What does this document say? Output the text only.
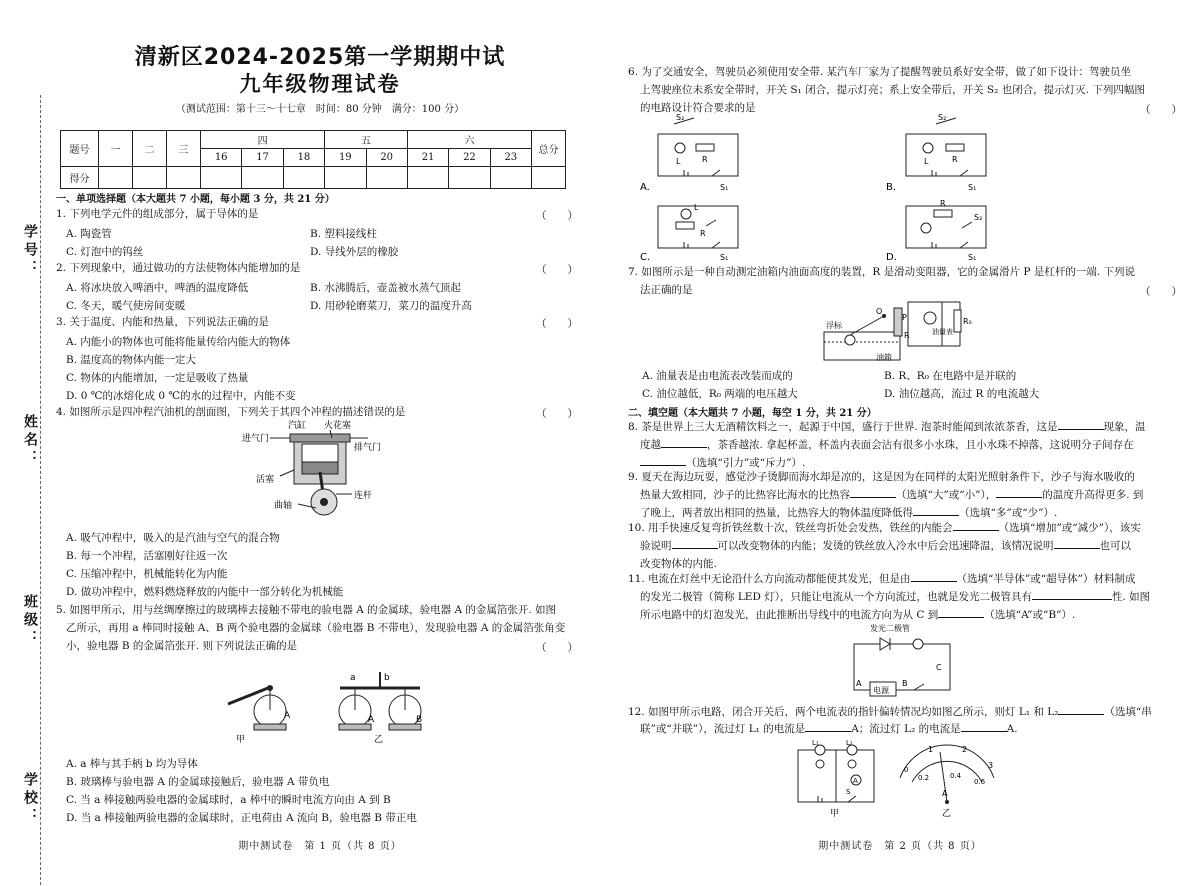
学号：
姓名：
班级：
学校：
清新区2024-2025第一学期期中试
九年级物理试卷
（测试范围：第十三～十七章　时间：80 分钟　满分：100 分）
题号	一	二	三	四			五		六			总分
				16	17	18	19	20	21	22	23	
得分												
一、单项选择题（本大题共 7 小题，每小题 3 分，共 21 分）
1. 下列电学元件的组成部分，属于导体的是	（　　）
A. 陶瓷管	B. 塑料接线柱
C. 灯泡中的钨丝	D. 导线外层的橡胶
2. 下列现象中，通过做功的方法使物体内能增加的是	（　　）
A. 将冰块放入啤酒中，啤酒的温度降低	B. 水沸腾后，壶盖被水蒸气顶起
C. 冬天，暖气使房间变暖	D. 用砂轮磨菜刀，菜刀的温度升高
3. 关于温度、内能和热量，下列说法正确的是	（　　）
A. 内能小的物体也可能将能量传给内能大的物体
B. 温度高的物体内能一定大
C. 物体的内能增加，一定是吸收了热量
D. 0 ℃的冰熔化成 0 ℃的水的过程中，内能不变
4. 如图所示是四冲程汽油机的剖面图，下列关于其四个冲程的描述错误的是	（　　）
进气门
汽缸 火花塞
排气门
活塞
连杆
曲轴
A. 吸气冲程中，吸入的是汽油与空气的混合物
B. 每一个冲程，活塞刚好往返一次
C. 压缩冲程中，机械能转化为内能
D. 做功冲程中，燃料燃烧释放的内能中一部分转化为机械能
5. 如图甲所示，用与丝绸摩擦过的玻璃棒去接触不带电的验电器 A 的金属球，验电器 A 的金属箔张开. 如图
乙所示，再用 a 棒同时接触 A、B 两个验电器的金属球（验电器 B 不带电），发现验电器 A 的金属箔张角变
小，验电器 B 的金属箔张开. 则下列说法正确的是	（　　）
A
甲
a	b
A	B
乙
A. a 棒与其手柄 b 均为导体
B. 玻璃棒与验电器 A 的金属球接触后，验电器 A 带负电
C. 当 a 棒接触两验电器的金属球时，a 棒中的瞬时电流方向由 A 到 B
D. 当 a 棒接触两验电器的金属球时，正电荷由 A 流向 B，验电器 B 带正电
期中测试卷　第 1 页（共 8 页）
6. 为了交通安全，驾驶员必须使用安全带. 某汽车厂家为了提醒驾驶员系好安全带，做了如下设计：驾驶员坐
上驾驶座位未系安全带时，开关 S₁ 闭合，提示灯亮；系上安全带后，开关 S₂ 也闭合，提示灯灭. 下列四幅图
的电路设计符合要求的是	（　　）
S₂
L	R
S₁
A.
S₂
L	R
S₁
B.
L
R
S₁
C.
R
S₂
S₁
D.
7. 如图所示是一种自动测定油箱内油面高度的装置，R 是滑动变阻器，它的金属滑片 P 是杠杆的一端. 下列说
法正确的是	（　　）
浮标
油箱
O
P
R	油量表
R₀
A. 油量表是由电流表改装而成的	B. R、R₀ 在电路中是并联的
C. 油位越低，R₀ 两端的电压越大	D. 油位越高，流过 R 的电流越大
二、填空题（本大题共 7 小题，每空 1 分，共 21 分）
8. 茶是世界上三大无酒精饮料之一，起源于中国，盛行于世界. 泡茶时能闻到浓浓茶香，这是	现象，温
度越	，茶香越浓. 拿起杯盖，杯盖内表面会沾有很多小水珠，且小水珠不掉落，这说明分子间存在
（选填“引力”或“斥力”）.
9. 夏天在海边玩耍，感觉沙子烫脚而海水却是凉的，这是因为在同样的太阳光照射条件下，沙子与海水吸收的
热量大致相同，沙子的比热容比海水的比热容	（选填“大”或“小”），	的温度升高得更多. 到
了晚上，两者放出相同的热量，比热容大的物体温度降低得	（选填“多”或“少”）.
10. 用手快速反复弯折铁丝数十次，铁丝弯折处会发热，铁丝的内能会	（选填“增加”或“减少”），该实
验说明	可以改变物体的内能；发烫的铁丝放入冷水中后会迅速降温，该情况说明	也可以
改变物体的内能.
11. 电流在灯丝中无论沿什么方向流动都能使其发光，但是由	（选填“半导体”或“超导体”）材料制成
的发光二极管（简称 LED 灯），只能让电流从一个方向流过，也就是发光二极管具有	性. 如图
所示电路中的灯泡发光，由此推断出导线中的电流方向为从 C 到	（选填“A”或“B”）.
发光二极管
电源
A	B
C
12. 如图甲所示电路，闭合开关后，两个电流表的指针偏转情况均如图乙所示，则灯 L₁ 和 L₂	（选填“串
联”或“并联”），流过灯 L₁ 的电流是	A；流过灯 L₂ 的电流是	A.
L₁	L₂
A
S
甲
0
0.2	0.4
0.6
1	2
3
A
乙
期中测试卷　第 2 页（共 8 页）
